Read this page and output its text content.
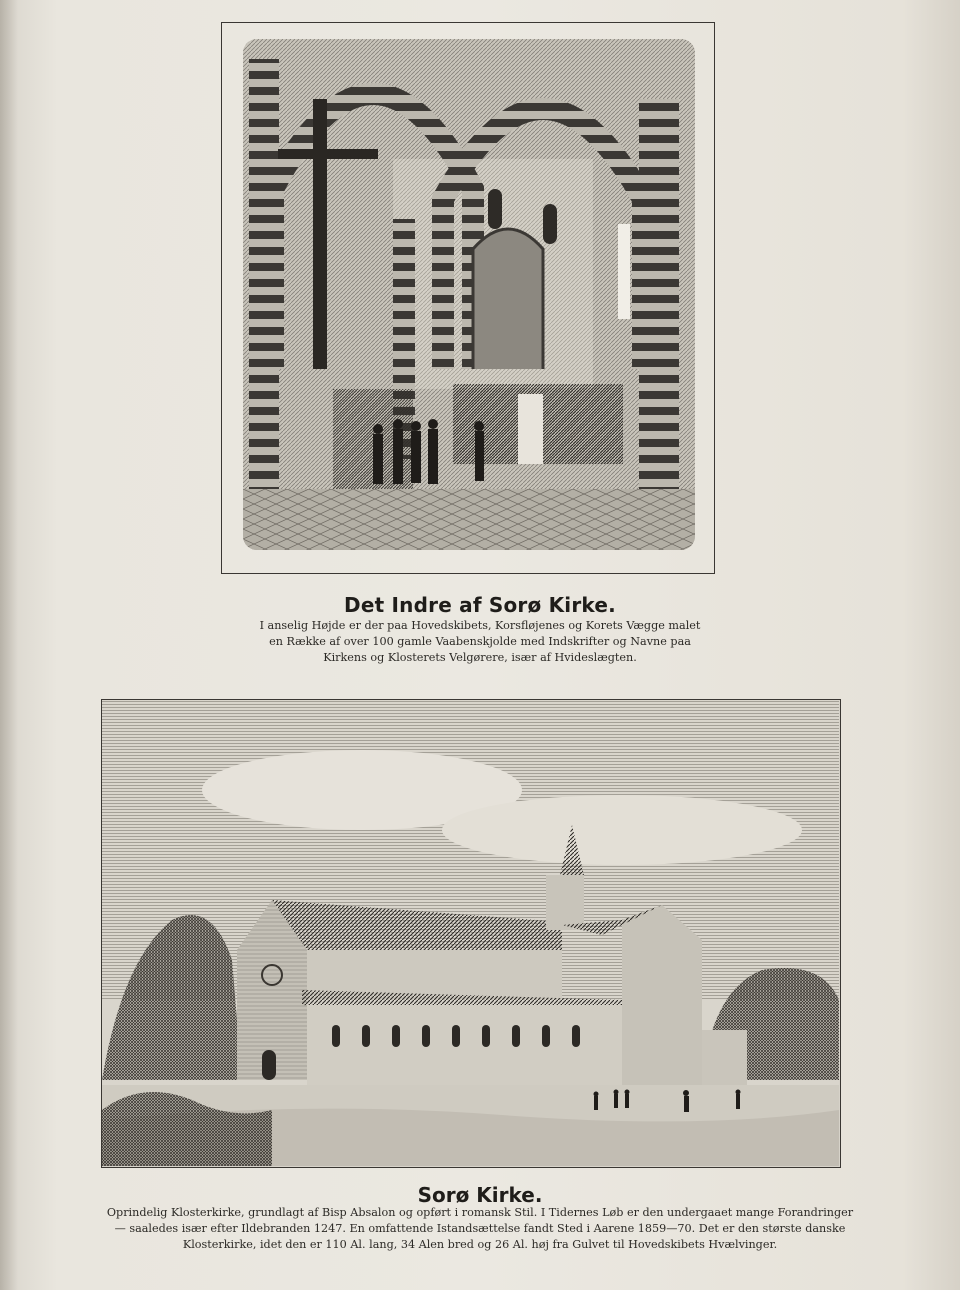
Det Indre af Sorø Kirke.
I anselig Højde er der paa Hovedskibets, Korsfløjenes og Korets Vægge malet
en Række af over 100 gamle Vaabenskjolde med Indskrifter og Navne paa
Kirkens og Klosterets Velgørere, især af Hvideslægten.
Sorø Kirke.
Oprindelig Klosterkirke, grundlagt af Bisp Absalon og opført i romansk Stil. I Tidernes Løb er den undergaaet mange Forandringer
— saaledes især efter Ildebranden 1247. En omfattende Istandsættelse fandt Sted i Aarene 1859—70. Det er den største danske
Klosterkirke, idet den er 110 Al. lang, 34 Alen bred og 26 Al. høj fra Gulvet til Hovedskibets Hvælvinger.
